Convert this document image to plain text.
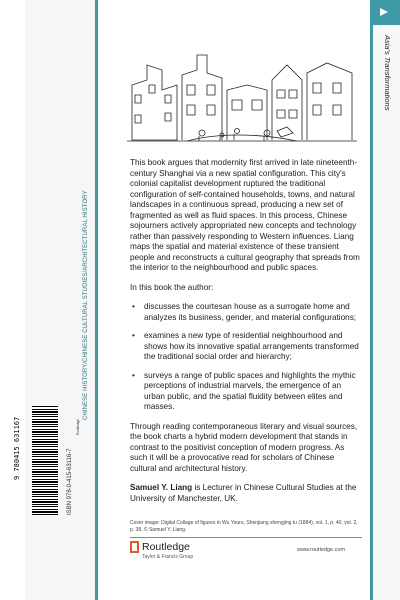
CHINESE HISTORY/CHINESE CULTURAL STUDIES/ARCHITECTURAL HISTORY
Routledge
ISBN 978-0-415-63116-7
9 780415 631167
Asia's Transformations

This book argues that modernity first arrived in late nineteenth-century Shanghai via a new spatial configuration. This city's colonial capitalist development ruptured the traditional configuration of self-contained households, towns, and natural landscapes in a continuous spread, producing a new set of fragmented as well as fluid spaces. In this process, Chinese sojourners actively appropriated new concepts and technology rather than passively responding to Western influences. Liang maps the spatial and material existence of these transient people and reconstructs a cultural geography that spreads from the interior to the neighbourhood and public spaces.

In this book the author:

• discusses the courtesan house as a surrogate home and analyzes its business, gender, and material configurations;
• examines a new type of residential neighbourhood and shows how its innovative spatial arrangements transformed the traditional social order and hierarchy;
• surveys a range of public spaces and highlights the mythic perceptions of industrial marvels, the emergence of an urban public, and the spatial fluidity between elites and masses.

Through reading contemporaneous literary and visual sources, the book charts a hybrid modern development that stands in contrast to the positivist conception of modern progress. As such it will be a provocative read for scholars of Chinese cultural and architectural history.

Samuel Y. Liang is Lecturer in Chinese Cultural Studies at the University of Manchester, UK.

Cover image: Digital Collage of figures in Wu Youru, Shenjiang shengjing tu (1884), vol. 1, p. 40, vol. 2, p. 38. © Samuel Y. Liang.
Routledge
Taylor & Francis Group
www.routledge.com
